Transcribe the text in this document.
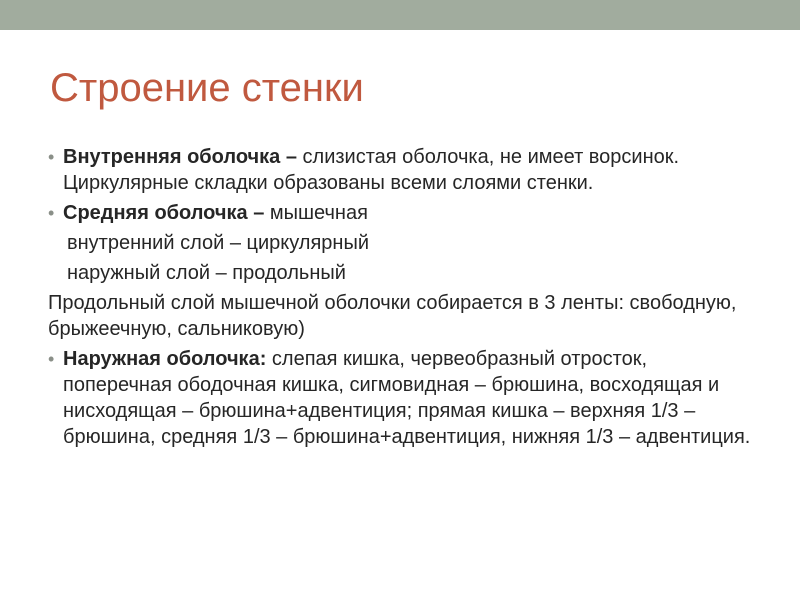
Строение стенки
• Внутренняя оболочка – слизистая оболочка, не имеет ворсинок. Циркулярные складки образованы всеми слоями стенки.
• Средняя оболочка – мышечная
внутренний слой – циркулярный
наружный слой – продольный
Продольный слой мышечной оболочки собирается в 3 ленты: свободную, брыжеечную, сальниковую)
• Наружная оболочка: слепая кишка, червеобразный отросток, поперечная ободочная кишка, сигмовидная – брюшина, восходящая и нисходящая – брюшина+адвентиция; прямая кишка – верхняя 1/3 – брюшина, средняя 1/3 – брюшина+адвентиция, нижняя 1/3 – адвентиция.
